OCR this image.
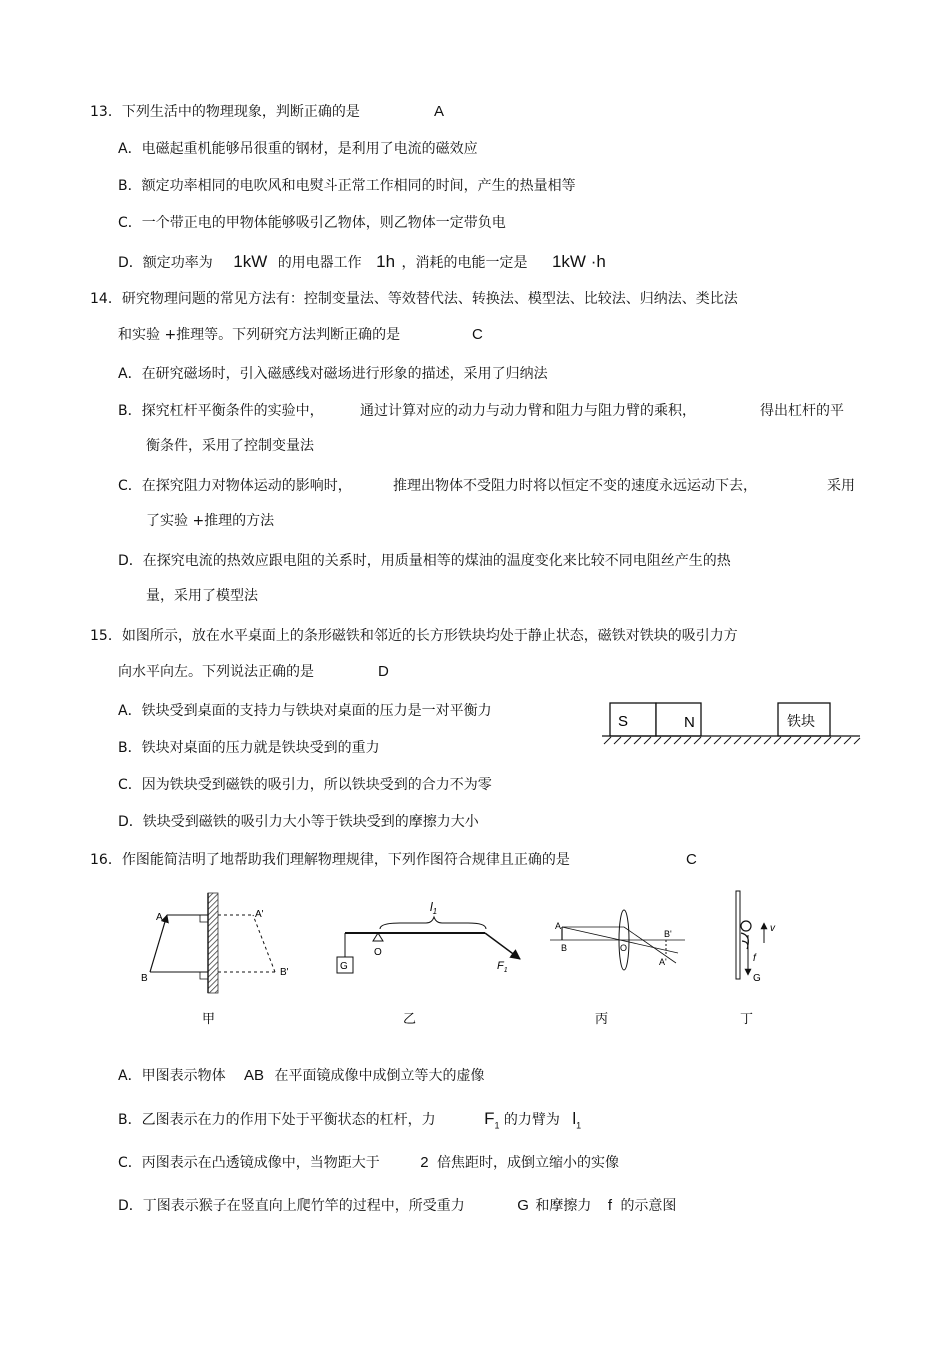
13．下列生活中的物理现象，判断正确的是	A
A．电磁起重机能够吊很重的钢材，是利用了电流的磁效应
B．额定功率相同的电吹风和电熨斗正常工作相同的时间，产生的热量相等
C．一个带正电的甲物体能够吸引乙物体，则乙物体一定带负电
D．额定功率为 1kW 的用电器工作 1h ，消耗的电能一定是 1kW ·h
14．研究物理问题的常见方法有：控制变量法、等效替代法、转换法、模型法、比较法、归纳法、类比法
和实验 +推理等。下列研究方法判断正确的是	C
A．在研究磁场时，引入磁感线对磁场进行形象的描述，采用了归纳法
B．探究杠杆平衡条件的实验中，	通过计算对应的动力与动力臂和阻力与阻力臂的乘积，	得出杠杆的平
衡条件，采用了控制变量法
C．在探究阻力对物体运动的影响时，	推理出物体不受阻力时将以恒定不变的速度永远运动下去，	采用
了实验 +推理的方法
D．在探究电流的热效应跟电阻的关系时，用质量相等的煤油的温度变化来比较不同电阻丝产生的热
量，采用了模型法
15．如图所示，放在水平桌面上的条形磁铁和邻近的长方形铁块均处于静止状态，磁铁对铁块的吸引力方
向水平向左。下列说法正确的是	D
A．铁块受到桌面的支持力与铁块对桌面的压力是一对平衡力
B．铁块对桌面的压力就是铁块受到的重力
C．因为铁块受到磁铁的吸引力，所以铁块受到的合力不为零
D．铁块受到磁铁的吸引力大小等于铁块受到的摩擦力大小
S	N	铁块
16．作图能简洁明了地帮助我们理解物理规律，下列作图符合规律且正确的是	C
A	A'
B
B'
甲
G
O
$l_1$
$F_1$
乙
A
B	O
B'
A'
丙
v
f
G
丁
A．甲图表示物体 AB 在平面镜成像中成倒立等大的虚像
B．乙图表示在力的作用下处于平衡状态的杠杆，力	$F_1$ 的力臂为 $l_1$
C．丙图表示在凸透镜成像中，当物距大于	2 倍焦距时，成倒立缩小的实像
D．丁图表示猴子在竖直向上爬竹竿的过程中，所受重力	G 和摩擦力 f 的示意图
